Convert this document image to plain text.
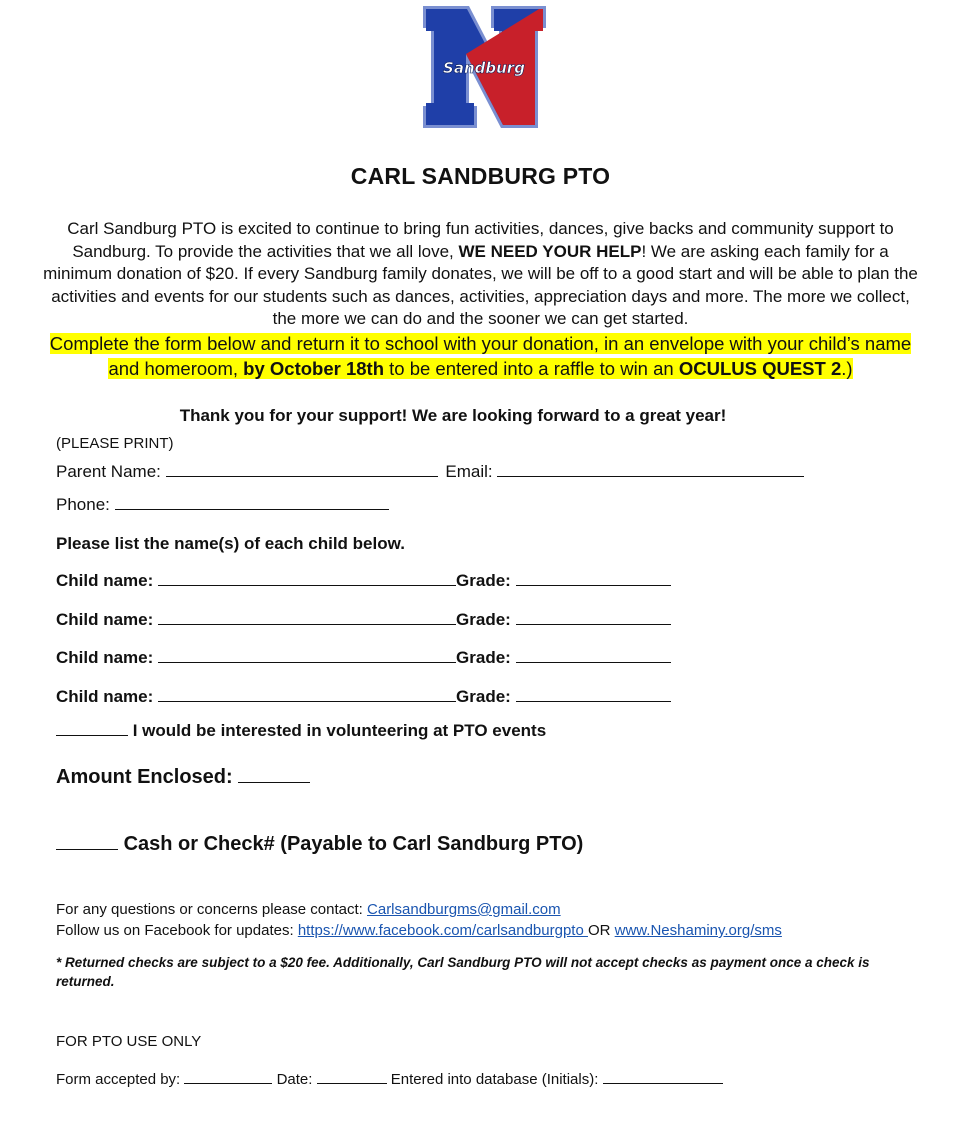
Sandburg
CARL SANDBURG PTO
Carl Sandburg PTO is excited to continue to bring fun activities, dances, give backs and community support to Sandburg. To provide the activities that we all love, WE NEED YOUR HELP! We are asking each family for a minimum donation of $20. If every Sandburg family donates, we will be off to a good start and will be able to plan the activities and events for our students such as dances, activities, appreciation days and more. The more we collect, the more we can do and the sooner we can get started.
Complete the form below and return it to school with your donation, in an envelope with your child’s name and homeroom, by October 18th to be entered into a raffle to win an OCULUS QUEST 2.)
Thank you for your support! We are looking forward to a great year!
(PLEASE PRINT)
Parent Name:	Email:
Phone:
Please list the name(s) of each child below.
Child name:	Grade:
Child name:	Grade:
Child name:	Grade:
Child name:	Grade:
I would be interested in volunteering at PTO events
Amount Enclosed:
Cash or Check# (Payable to Carl Sandburg PTO)
For any questions or concerns please contact: Carlsandburgms@gmail.com
Follow us on Facebook for updates: https://www.facebook.com/carlsandburgpto OR www.Neshaminy.org/sms
* Returned checks are subject to a $20 fee. Additionally, Carl Sandburg PTO will not accept checks as payment once a check is returned.
FOR PTO USE ONLY
Form accepted by:	Date:	Entered into database (Initials):
